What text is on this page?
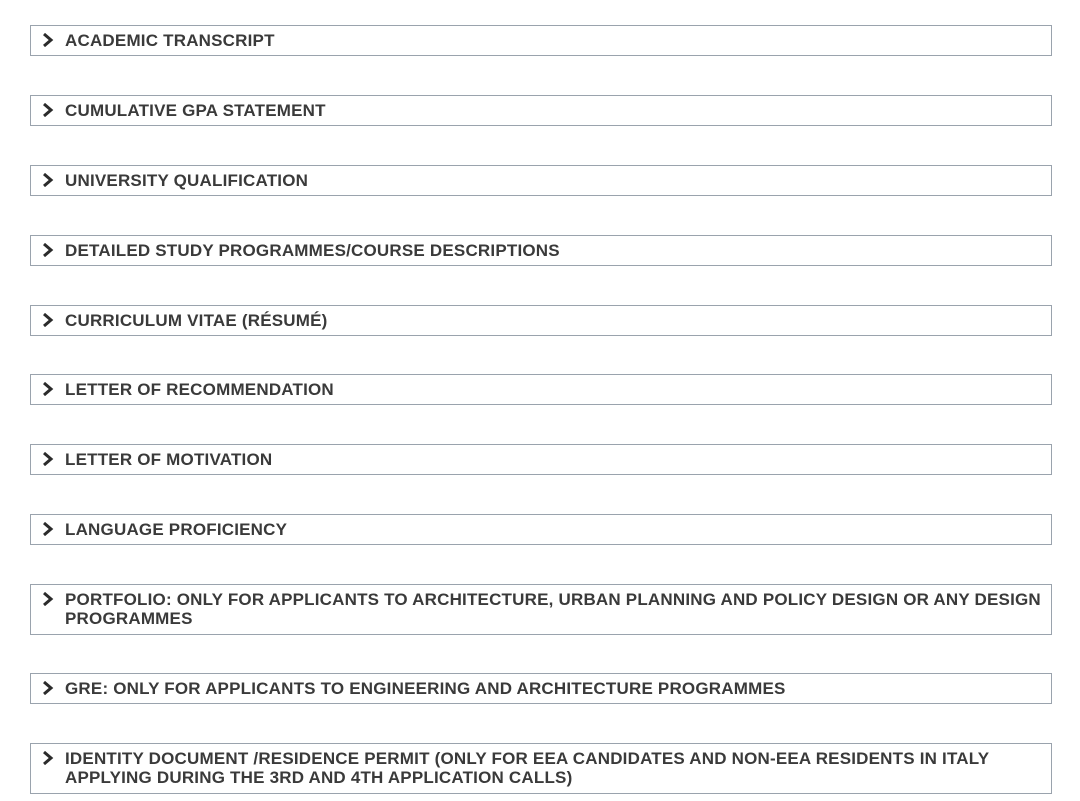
ACADEMIC TRANSCRIPT
CUMULATIVE GPA STATEMENT
UNIVERSITY QUALIFICATION
DETAILED STUDY PROGRAMMES/COURSE DESCRIPTIONS
CURRICULUM VITAE (RÉSUMÉ)
LETTER OF RECOMMENDATION
LETTER OF MOTIVATION
LANGUAGE PROFICIENCY
PORTFOLIO: ONLY FOR APPLICANTS TO ARCHITECTURE, URBAN PLANNING AND POLICY DESIGN OR ANY DESIGN PROGRAMMES
GRE: ONLY FOR APPLICANTS TO ENGINEERING AND ARCHITECTURE PROGRAMMES
IDENTITY DOCUMENT /RESIDENCE PERMIT (ONLY FOR EEA CANDIDATES AND NON-EEA RESIDENTS IN ITALY APPLYING DURING THE 3RD AND 4TH APPLICATION CALLS)
